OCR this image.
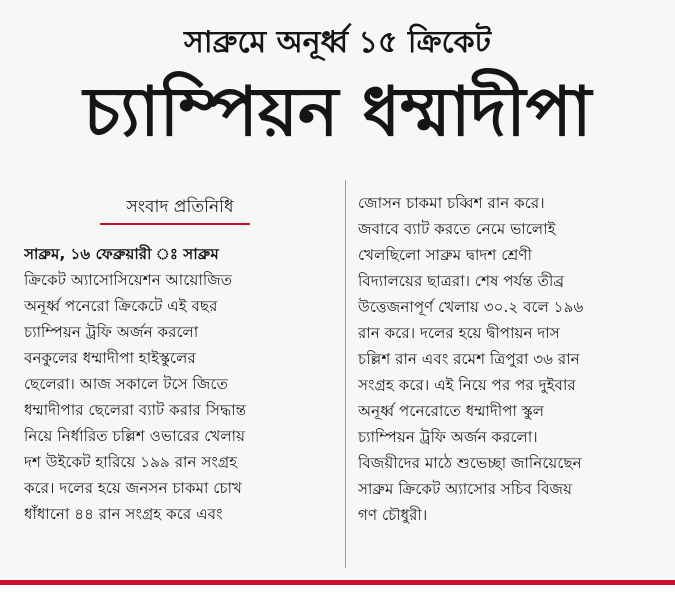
সাব্রুমে অনূর্ধ্ব ১৫ ক্রিকেট
চ্যাম্পিয়ন ধম্মাদীপা
সংবাদ প্রতিনিধি
সাব্রুম, ১৬ ফেব্রুয়ারী ঃ সাব্রুম
ক্রিকেট অ্যাসোসিয়েশন আয়োজিত
অনূর্ধ্ব পনেরো ক্রিকেটে এই বছর
চ্যাম্পিয়ন ট্রফি অর্জন করলো
বনকুলের ধম্মাদীপা হাইস্কুলের
ছেলেরা। আজ সকালে টসে জিতে
ধম্মাদীপার ছেলেরা ব্যাট করার সিদ্ধান্ত
নিয়ে নির্ধারিত চল্লিশ ওভারের খেলায়
দশ উইকেট হারিয়ে ১৯৯ রান সংগ্রহ
করে। দলের হয়ে জনসন চাকমা চোখ
ধাঁধানো ৪৪ রান সংগ্রহ করে এবং
জোসন চাকমা চব্বিশ রান করে।
জবাবে ব্যাট করতে নেমে ভালোই
খেলছিলো সাব্রুম দ্বাদশ শ্রেণী
বিদ্যালয়ের ছাত্ররা। শেষ পর্যন্ত তীব্র
উত্তেজনাপূর্ণ খেলায় ৩০.২ বলে ১৯৬
রান করে। দলের হয়ে দ্বীপায়ন দাস
চল্লিশ রান এবং রমেশ ত্রিপুরা ৩৬ রান
সংগ্রহ করে। এই নিয়ে পর পর দুইবার
অনূর্ধ্ব পনেরোতে ধম্মাদীপা স্কুল
চ্যাম্পিয়ন ট্রফি অর্জন করলো।
বিজয়ীদের মাঠে শুভেচ্ছা জানিয়েছেন
সাব্রুম ক্রিকেট অ্যাসোর সচিব বিজয়
গণ চৌধুরী।
